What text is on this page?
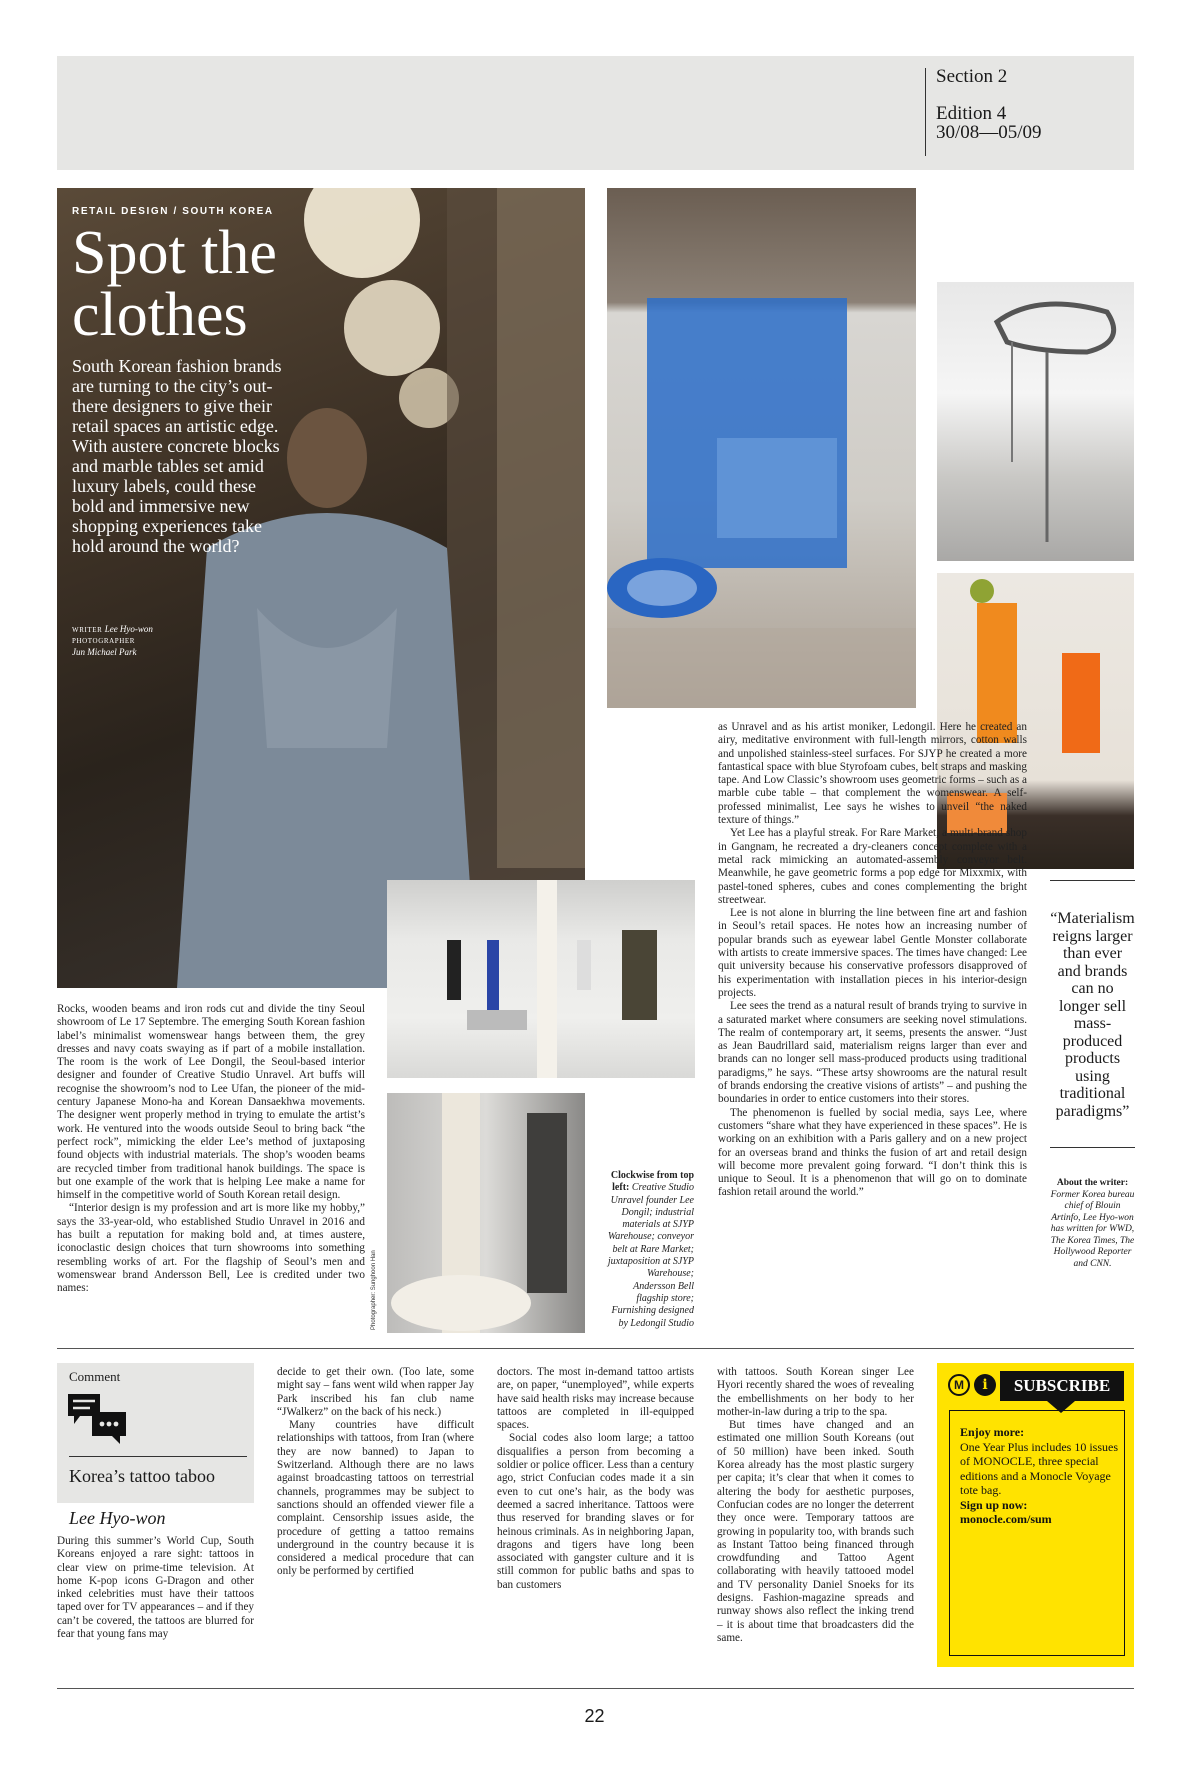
Section 2
Edition 4
30/08—05/09
RETAIL DESIGN / SOUTH KOREA
Spot the
clothes
South Korean fashion brands are turning to the city’s out-there designers to give their retail spaces an artistic edge. With austere concrete blocks and marble tables set amid luxury labels, could these bold and immersive new shopping experiences take hold around the world?
WRITER Lee Hyo-won
PHOTOGRAPHER
Jun Michael Park

Rocks, wooden beams and iron rods cut and divide the tiny Seoul showroom of Le 17 Septembre. The emerging South Korean fashion label’s minimalist womenswear hangs between them, the grey dresses and navy coats swaying as if part of a mobile installation. The room is the work of Lee Dongil, the Seoul-based interior designer and founder of Creative Studio Unravel. Art buffs will recognise the showroom’s nod to Lee Ufan, the pioneer of the mid-century Japanese Mono-ha and Korean Dansaekhwa movements. The designer went properly method in trying to emulate the artist’s work. He ventured into the woods outside Seoul to bring back “the perfect rock”, mimicking the elder Lee’s method of juxtaposing found objects with industrial materials. The shop’s wooden beams are recycled timber from traditional hanok buildings. The space is but one example of the work that is helping Lee make a name for himself in the competitive world of South Korean retail design.

“Interior design is my profession and art is more like my hobby,” says the 33-year-old, who established Studio Unravel in 2016 and has built a reputation for making bold and, at times austere, iconoclastic design choices that turn showrooms into something resembling works of art. For the flagship of Seoul’s men and womenswear brand Andersson Bell, Lee is credited under two names:

as Unravel and as his artist moniker, Ledongil. Here he created an airy, meditative environment with full-length mirrors, cotton walls and unpolished stainless-steel surfaces. For SJYP he created a more fantastical space with blue Styrofoam cubes, belt straps and masking tape. And Low Classic’s showroom uses geometric forms – such as a marble cube table – that complement the womenswear. A self-professed minimalist, Lee says he wishes to unveil “the naked texture of things.”

Yet Lee has a playful streak. For Rare Market, a multi-brand shop in Gangnam, he recreated a dry-cleaners concept complete with a metal rack mimicking an automated-assembly conveyor belt. Meanwhile, he gave geometric forms a pop edge for Mixxmix, with pastel-toned spheres, cubes and cones complementing the bright streetwear.

Lee is not alone in blurring the line between fine art and fashion in Seoul’s retail spaces. He notes how an increasing number of popular brands such as eyewear label Gentle Monster collaborate with artists to create immersive spaces. The times have changed: Lee quit university because his conservative professors disapproved of his experimentation with installation pieces in his interior-design projects.

Lee sees the trend as a natural result of brands trying to survive in a saturated market where consumers are seeking novel stimulations. The realm of contemporary art, it seems, presents the answer. “Just as Jean Baudrillard said, materialism reigns larger than ever and brands can no longer sell mass-produced products using traditional paradigms,” he says. “These artsy showrooms are the natural result of brands endorsing the creative visions of artists” – and pushing the boundaries in order to entice customers into their stores.

The phenomenon is fuelled by social media, says Lee, where customers “share what they have experienced in these spaces”. He is working on an exhibition with a Paris gallery and on a new project for an overseas brand and thinks the fusion of art and retail design will become more prevalent going forward. “I don’t think this is unique to Seoul. It is a phenomenon that will go on to dominate fashion retail around the world.”

Clockwise from top left: Creative Studio Unravel founder Lee Dongil; industrial materials at SJYP Warehouse; conveyor belt at Rare Market; juxtaposition at SJYP Warehouse; Andersson Bell flagship store; Furnishing designed by Ledongil Studio
Photographer: Sunghoon Han
“Materialism reigns larger than ever and brands can no longer sell mass-produced products using traditional paradigms”
About the writer:
Former Korea bureau chief of Blouin Artinfo, Lee Hyo-won has written for WWD, The Korea Times, The Hollywood Reporter and CNN.
Comment
Korea’s tattoo taboo
Lee Hyo-won

During this summer’s World Cup, South Koreans enjoyed a rare sight: tattoos in clear view on prime-time television. At home K-pop icons G-Dragon and other inked celebrities must have their tattoos taped over for TV appearances – and if they can’t be covered, the tattoos are blurred for fear that young fans may

decide to get their own. (Too late, some might say – fans went wild when rapper Jay Park inscribed his fan club name “JWalkerz” on the back of his neck.)

Many countries have difficult relationships with tattoos, from Iran (where they are now banned) to Japan to Switzerland. Although there are no laws against broadcasting tattoos on terrestrial channels, programmes may be subject to sanctions should an offended viewer file a complaint. Censorship issues aside, the procedure of getting a tattoo remains underground in the country because it is considered a medical procedure that can only be performed by certified

doctors. The most in-demand tattoo artists are, on paper, “unemployed”, while experts have said health risks may increase because tattoos are completed in ill-equipped spaces.

Social codes also loom large; a tattoo disqualifies a person from becoming a soldier or police officer. Less than a century ago, strict Confucian codes made it a sin even to cut one’s hair, as the body was deemed a sacred inheritance. Tattoos were thus reserved for branding slaves or for heinous criminals. As in neighboring Japan, dragons and tigers have long been associated with gangster culture and it is still common for public baths and spas to ban customers

with tattoos. South Korean singer Lee Hyori recently shared the woes of revealing the embellishments on her body to her mother-in-law during a trip to the spa.

But times have changed and an estimated one million South Koreans (out of 50 million) have been inked. South Korea already has the most plastic surgery per capita; it’s clear that when it comes to altering the body for aesthetic purposes, Confucian codes are no longer the deterrent they once were. Temporary tattoos are growing in popularity too, with brands such as Instant Tattoo being financed through crowdfunding and Tattoo Agent collaborating with heavily tattooed model and TV personality Daniel Snoeks for its designs. Fashion-magazine spreads and runway shows also reflect the inking trend – it is about time that broadcasters did the same.

M	i	SUBSCRIBE
Enjoy more:
One Year Plus includes 10 issues of MONOCLE, three special editions and a Monocle Voyage tote bag.
Sign up now:
monocle.com/sum
22
